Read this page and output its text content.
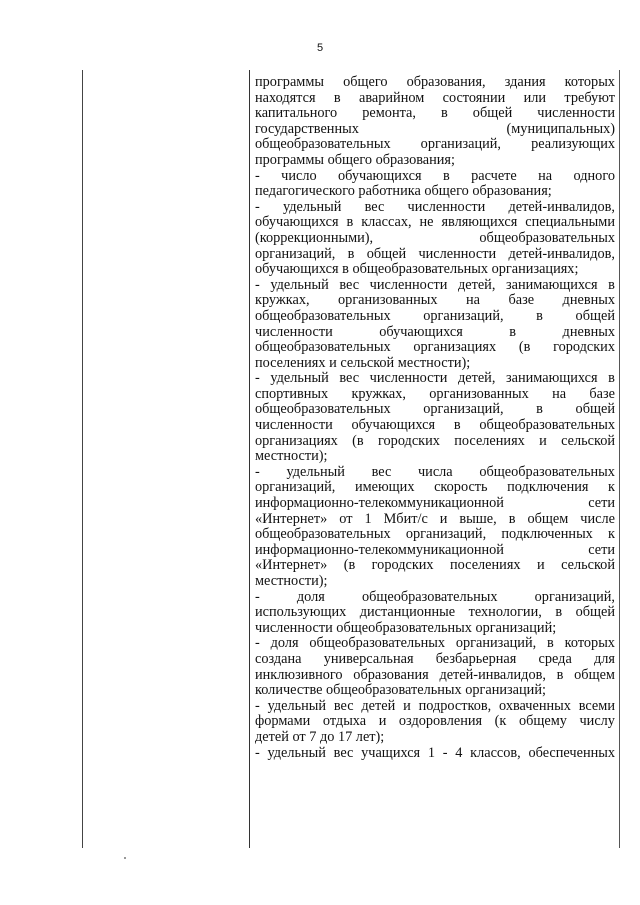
5
программы общего образования, здания которых
находятся в аварийном состоянии или требуют
капитального ремонта, в общей численности
государственных	(муниципальных)
общеобразовательных организаций, реализующих
программы общего образования;
- число обучающихся в расчете на одного
педагогического работника общего образования;
- удельный вес численности детей-инвалидов,
обучающихся в классах, не являющихся специальными
(коррекционными),	общеобразовательных
организаций, в общей численности детей-инвалидов,
обучающихся в общеобразовательных организациях;
- удельный вес численности детей, занимающихся в
кружках, организованных на базе дневных
общеобразовательных организаций, в общей
численности	обучающихся	в	дневных
общеобразовательных организациях (в городских
поселениях и сельской местности);
- удельный вес численности детей, занимающихся в
спортивных кружках, организованных на базе
общеобразовательных организаций, в общей
численности обучающихся в общеобразовательных
организациях (в городских поселениях и сельской
местности);
- удельный вес числа общеобразовательных
организаций, имеющих скорость подключения к
информационно-телекоммуникационной	сети
«Интернет» от 1 Мбит/с и выше, в общем числе
общеобразовательных организаций, подключенных к
информационно-телекоммуникационной	сети
«Интернет» (в городских поселениях и сельской
местности);
-	доля	общеобразовательных	организаций,
использующих дистанционные технологии, в общей
численности общеобразовательных организаций;
- доля общеобразовательных организаций, в которых
создана универсальная безбарьерная среда для
инклюзивного образования детей-инвалидов, в общем
количестве общеобразовательных организаций;
- удельный вес детей и подростков, охваченных всеми
формами отдыха и оздоровления (к общему числу
детей от 7 до 17 лет);
- удельный вес учащихся 1 - 4 классов, обеспеченных
